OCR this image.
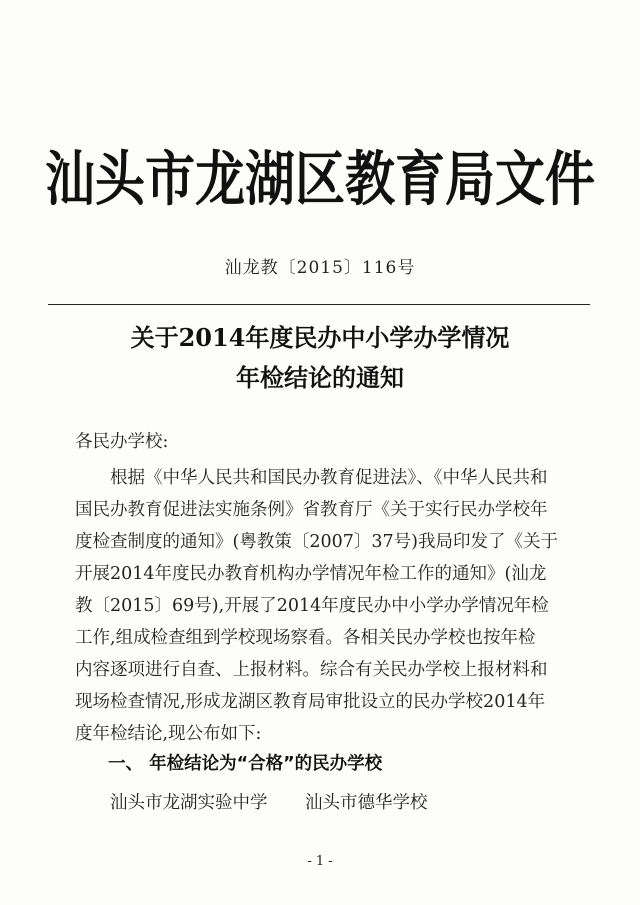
汕头市龙湖区教育局文件
汕龙教〔2015〕116号
关于2014年度民办中小学办学情况
年检结论的通知
各民办学校:
根据《中华人民共和国民办教育促进法》、《中华人民共和
国民办教育促进法实施条例》省教育厅《关于实行民办学校年
度检查制度的通知》(粤教策〔2007〕37号)我局印发了《关于
开展2014年度民办教育机构办学情况年检工作的通知》(汕龙
教〔2015〕69号),开展了2014年度民办中小学办学情况年检
工作,组成检查组到学校现场察看。各相关民办学校也按年检
内容逐项进行自查、上报材料。综合有关民办学校上报材料和
现场检查情况,形成龙湖区教育局审批设立的民办学校2014年
度年检结论,现公布如下:
一、 年检结论为“合格”的民办学校
汕头市龙湖实验中学 汕头市德华学校
- 1 -
